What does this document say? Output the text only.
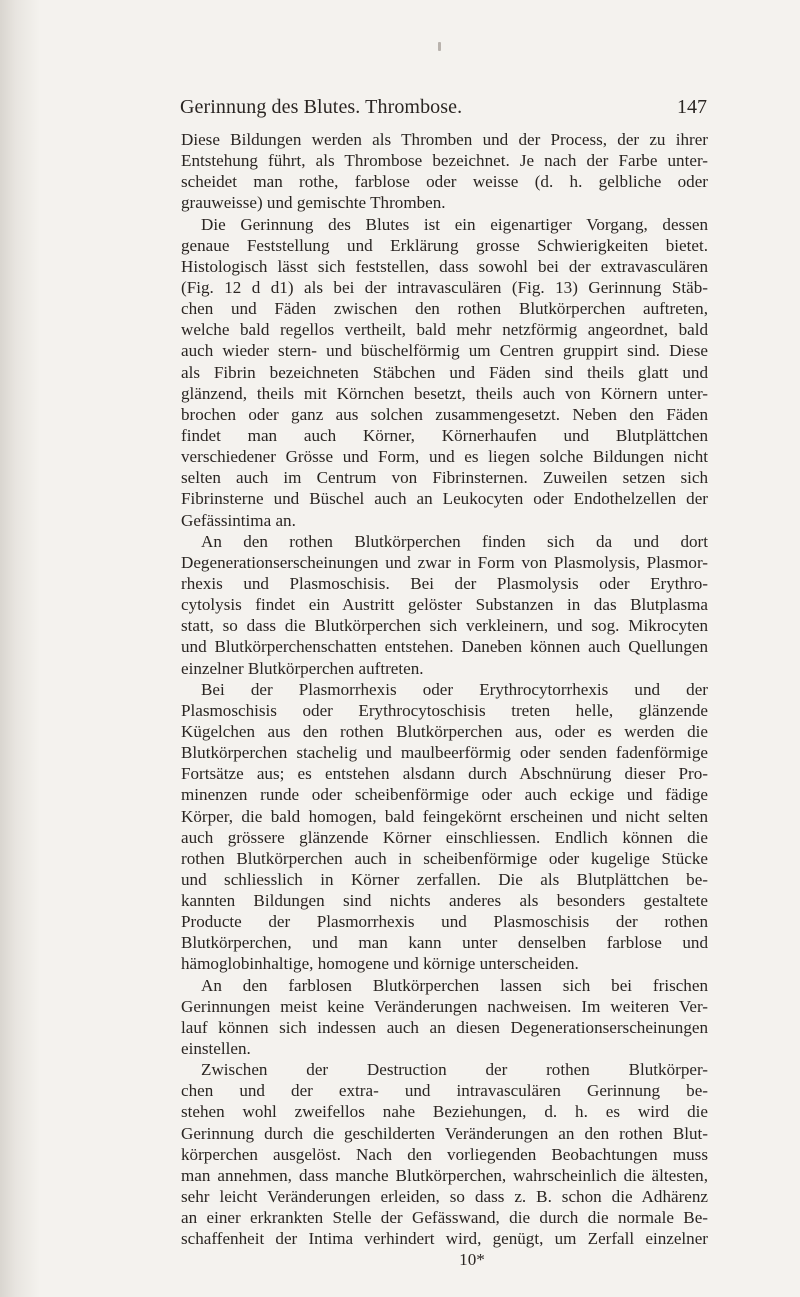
Gerinnung des Blutes. Thrombose.	147
Diese Bildungen werden als Thromben und der Process, der zu ihrer
Entstehung führt, als Thrombose bezeichnet. Je nach der Farbe unter-
scheidet man rothe, farblose oder weisse (d. h. gelbliche oder
grauweisse) und gemischte Thromben.
Die Gerinnung des Blutes ist ein eigenartiger Vorgang, dessen
genaue Feststellung und Erklärung grosse Schwierigkeiten bietet.
Histologisch lässt sich feststellen, dass sowohl bei der extravasculären
(Fig. 12 d d1) als bei der intravasculären (Fig. 13) Gerinnung Stäb-
chen und Fäden zwischen den rothen Blutkörperchen auftreten,
welche bald regellos vertheilt, bald mehr netzförmig angeordnet, bald
auch wieder stern- und büschelförmig um Centren gruppirt sind. Diese
als Fibrin bezeichneten Stäbchen und Fäden sind theils glatt und
glänzend, theils mit Körnchen besetzt, theils auch von Körnern unter-
brochen oder ganz aus solchen zusammengesetzt. Neben den Fäden
findet man auch Körner, Körnerhaufen und Blutplättchen
verschiedener Grösse und Form, und es liegen solche Bildungen nicht
selten auch im Centrum von Fibrinsternen. Zuweilen setzen sich
Fibrinsterne und Büschel auch an Leukocyten oder Endothelzellen der
Gefässintima an.
An den rothen Blutkörperchen finden sich da und dort
Degenerationserscheinungen und zwar in Form von Plasmolysis, Plasmor-
rhexis und Plasmoschisis. Bei der Plasmolysis oder Erythro-
cytolysis findet ein Austritt gelöster Substanzen in das Blutplasma
statt, so dass die Blutkörperchen sich verkleinern, und sog. Mikrocyten
und Blutkörperchenschatten entstehen. Daneben können auch Quellungen
einzelner Blutkörperchen auftreten.
Bei der Plasmorrhexis oder Erythrocytorrhexis und der
Plasmoschisis oder Erythrocytoschisis treten helle, glänzende
Kügelchen aus den rothen Blutkörperchen aus, oder es werden die
Blutkörperchen stachelig und maulbeerförmig oder senden fadenförmige
Fortsätze aus; es entstehen alsdann durch Abschnürung dieser Pro-
minenzen runde oder scheibenförmige oder auch eckige und fädige
Körper, die bald homogen, bald feingekörnt erscheinen und nicht selten
auch grössere glänzende Körner einschliessen. Endlich können die
rothen Blutkörperchen auch in scheibenförmige oder kugelige Stücke
und schliesslich in Körner zerfallen. Die als Blutplättchen be-
kannten Bildungen sind nichts anderes als besonders gestaltete
Producte der Plasmorrhexis und Plasmoschisis der rothen
Blutkörperchen, und man kann unter denselben farblose und
hämoglobinhaltige, homogene und körnige unterscheiden.
An den farblosen Blutkörperchen lassen sich bei frischen
Gerinnungen meist keine Veränderungen nachweisen. Im weiteren Ver-
lauf können sich indessen auch an diesen Degenerationserscheinungen
einstellen.
Zwischen der Destruction der rothen Blutkörper-
chen und der extra- und intravasculären Gerinnung be-
stehen wohl zweifellos nahe Beziehungen, d. h. es wird die
Gerinnung durch die geschilderten Veränderungen an den rothen Blut-
körperchen ausgelöst. Nach den vorliegenden Beobachtungen muss
man annehmen, dass manche Blutkörperchen, wahrscheinlich die ältesten,
sehr leicht Veränderungen erleiden, so dass z. B. schon die Adhärenz
an einer erkrankten Stelle der Gefässwand, die durch die normale Be-
schaffenheit der Intima verhindert wird, genügt, um Zerfall einzelner
10*
